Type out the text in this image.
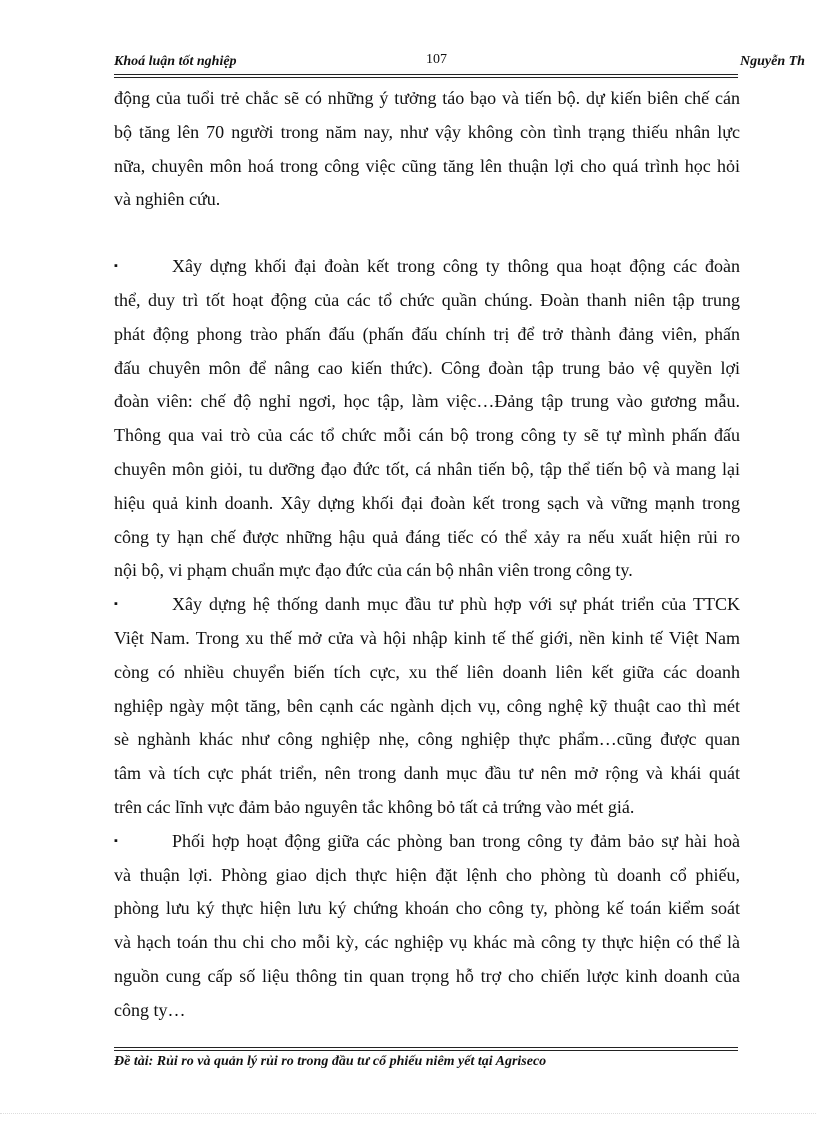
Khoá luận tốt nghiệp	107	Nguyễn Th
động của tuổi trẻ chắc sẽ có những ý tưởng táo bạo và tiến bộ. dự kiến biên chế cán
bộ tăng lên 70 người trong năm nay, như vậy không còn tình trạng thiếu nhân lực
nữa, chuyên môn hoá trong công việc cũng tăng lên thuận lợi cho quá trình học hỏi
và nghiên cứu.
▪	Xây dựng khối đại đoàn kết trong công ty thông qua hoạt động các đoàn
thể, duy trì tốt hoạt động của các tổ chức quần chúng. Đoàn thanh niên tập trung
phát động phong trào phấn đấu (phấn đấu chính trị để trở thành đảng viên, phấn
đấu chuyên môn để nâng cao kiến thức). Công đoàn tập trung bảo vệ quyền lợi
đoàn viên: chế độ nghỉ ngơi, học tập, làm việc…Đảng tập trung vào gương mẫu.
Thông qua vai trò của các tổ chức mỗi cán bộ trong công ty sẽ tự mình phấn đấu
chuyên môn giỏi, tu dưỡng đạo đức tốt, cá nhân tiến bộ, tập thể tiến bộ và mang lại
hiệu quả kinh doanh. Xây dựng khối đại đoàn kết trong sạch và vững mạnh trong
công ty hạn chế được những hậu quả đáng tiếc có thể xảy ra nếu xuất hiện rủi ro
nội bộ, vi phạm chuẩn mực đạo đức của cán bộ nhân viên trong công ty.
▪	Xây dựng hệ thống danh mục đầu tư phù hợp với sự phát triển của TTCK
Việt Nam. Trong xu thế mở cửa và hội nhập kinh tế thế giới, nền kinh tế Việt Nam
còng có nhiều chuyển biến tích cực, xu thế liên doanh liên kết giữa các doanh
nghiệp ngày một tăng, bên cạnh các ngành dịch vụ, công nghệ kỹ thuật cao thì mét
sè nghành khác như công nghiệp nhẹ, công nghiệp thực phẩm…cũng được quan
tâm và tích cực phát triển, nên trong danh mục đầu tư nên mở rộng và khái quát
trên các lĩnh vực đảm bảo nguyên tắc không bỏ tất cả trứng vào mét giá.
▪	Phối hợp hoạt động giữa các phòng ban trong công ty đảm bảo sự hài hoà
và thuận lợi. Phòng giao dịch thực hiện đặt lệnh cho phòng tù doanh cổ phiếu,
phòng lưu ký thực hiện lưu ký chứng khoán cho công ty, phòng kế toán kiểm soát
và hạch toán thu chi cho mỗi kỳ, các nghiệp vụ khác mà công ty thực hiện có thể là
nguồn cung cấp số liệu thông tin quan trọng hỗ trợ cho chiến lược kinh doanh của
công ty…
Đề tài: Rủi ro và quản lý rủi ro trong đầu tư cổ phiếu niêm yết tại Agriseco
